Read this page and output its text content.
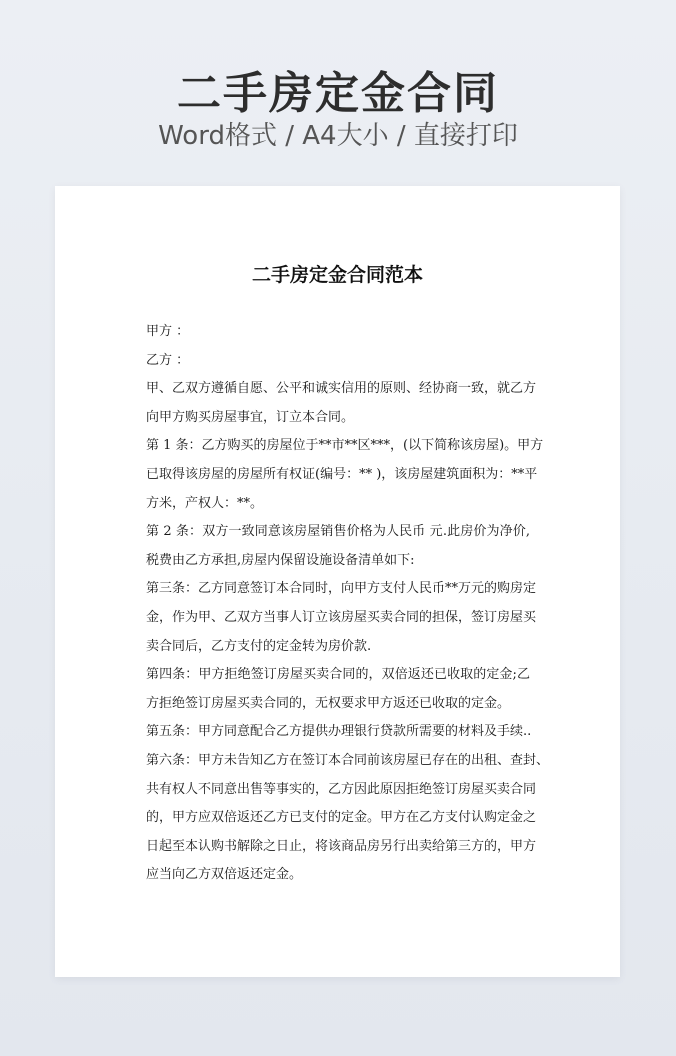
二手房定金合同

Word格式 / A4大小 / 直接打印

二手房定金合同范本
甲方 ：
乙方 ：
甲、乙双方遵循自愿、公平和诚实信用的原则、经协商一致，就乙方
向甲方购买房屋事宜，订立本合同。
第 1 条：乙方购买的房屋位于**市**区***，(以下简称该房屋)。甲方
已取得该房屋的房屋所有权证(编号：** )，该房屋建筑面积为：**平
方米，产权人：**。
第 2 条：双方一致同意该房屋销售价格为人民币 元.此房价为净价,
税费由乙方承担,房屋内保留设施设备清单如下:
第三条：乙方同意签订本合同时，向甲方支付人民币**万元的购房定
金，作为甲、乙双方当事人订立该房屋买卖合同的担保，签订房屋买
卖合同后，乙方支付的定金转为房价款.
第四条：甲方拒绝签订房屋买卖合同的，双倍返还已收取的定金;乙
方拒绝签订房屋买卖合同的，无权要求甲方返还已收取的定金。
第五条：甲方同意配合乙方提供办理银行贷款所需要的材料及手续..
第六条：甲方未告知乙方在签订本合同前该房屋已存在的出租、查封、
共有权人不同意出售等事实的，乙方因此原因拒绝签订房屋买卖合同
的，甲方应双倍返还乙方已支付的定金。甲方在乙方支付认购定金之
日起至本认购书解除之日止，将该商品房另行出卖给第三方的，甲方
应当向乙方双倍返还定金。
